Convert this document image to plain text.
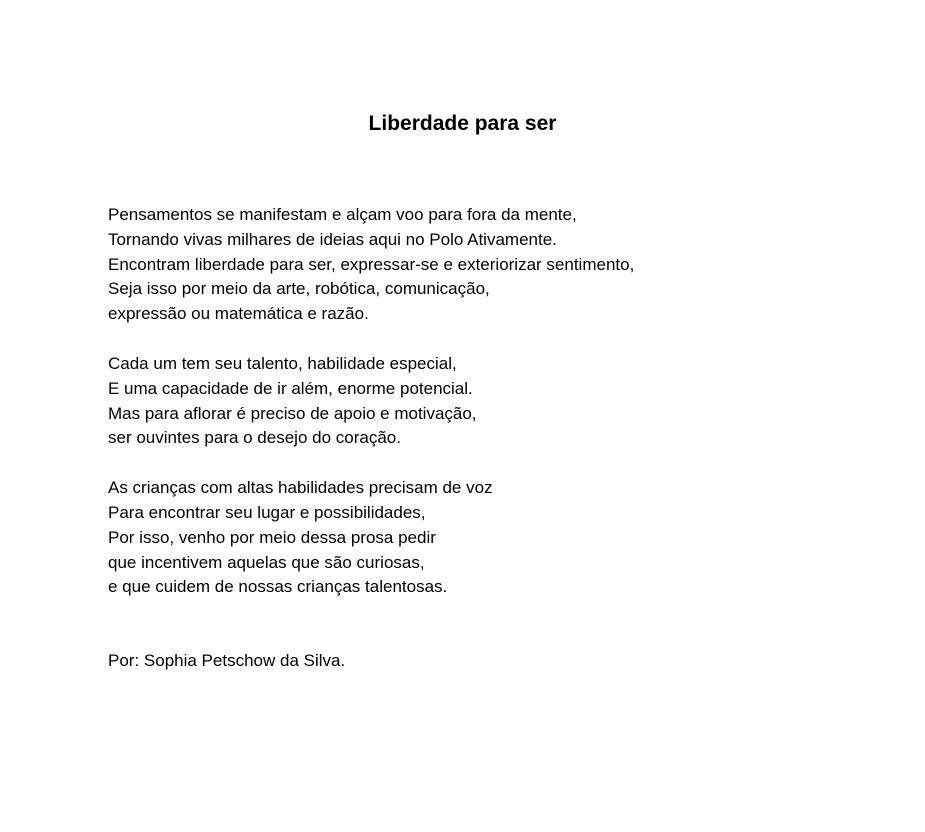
Liberdade para ser
Pensamentos se manifestam e alçam voo para fora da mente,
Tornando vivas milhares de ideias aqui no Polo Ativamente.
Encontram liberdade para ser, expressar-se e exteriorizar sentimento,
Seja isso por meio da arte, robótica, comunicação,
expressão ou matemática e razão.
Cada um tem seu talento, habilidade especial,
E uma capacidade de ir além, enorme potencial.
Mas para aflorar é preciso de apoio e motivação,
ser ouvintes para o desejo do coração.
As crianças com altas habilidades precisam de voz
Para encontrar seu lugar e possibilidades,
Por isso, venho por meio dessa prosa pedir
que incentivem aquelas que são curiosas,
e que cuidem de nossas crianças talentosas.

Por: Sophia Petschow da Silva.
